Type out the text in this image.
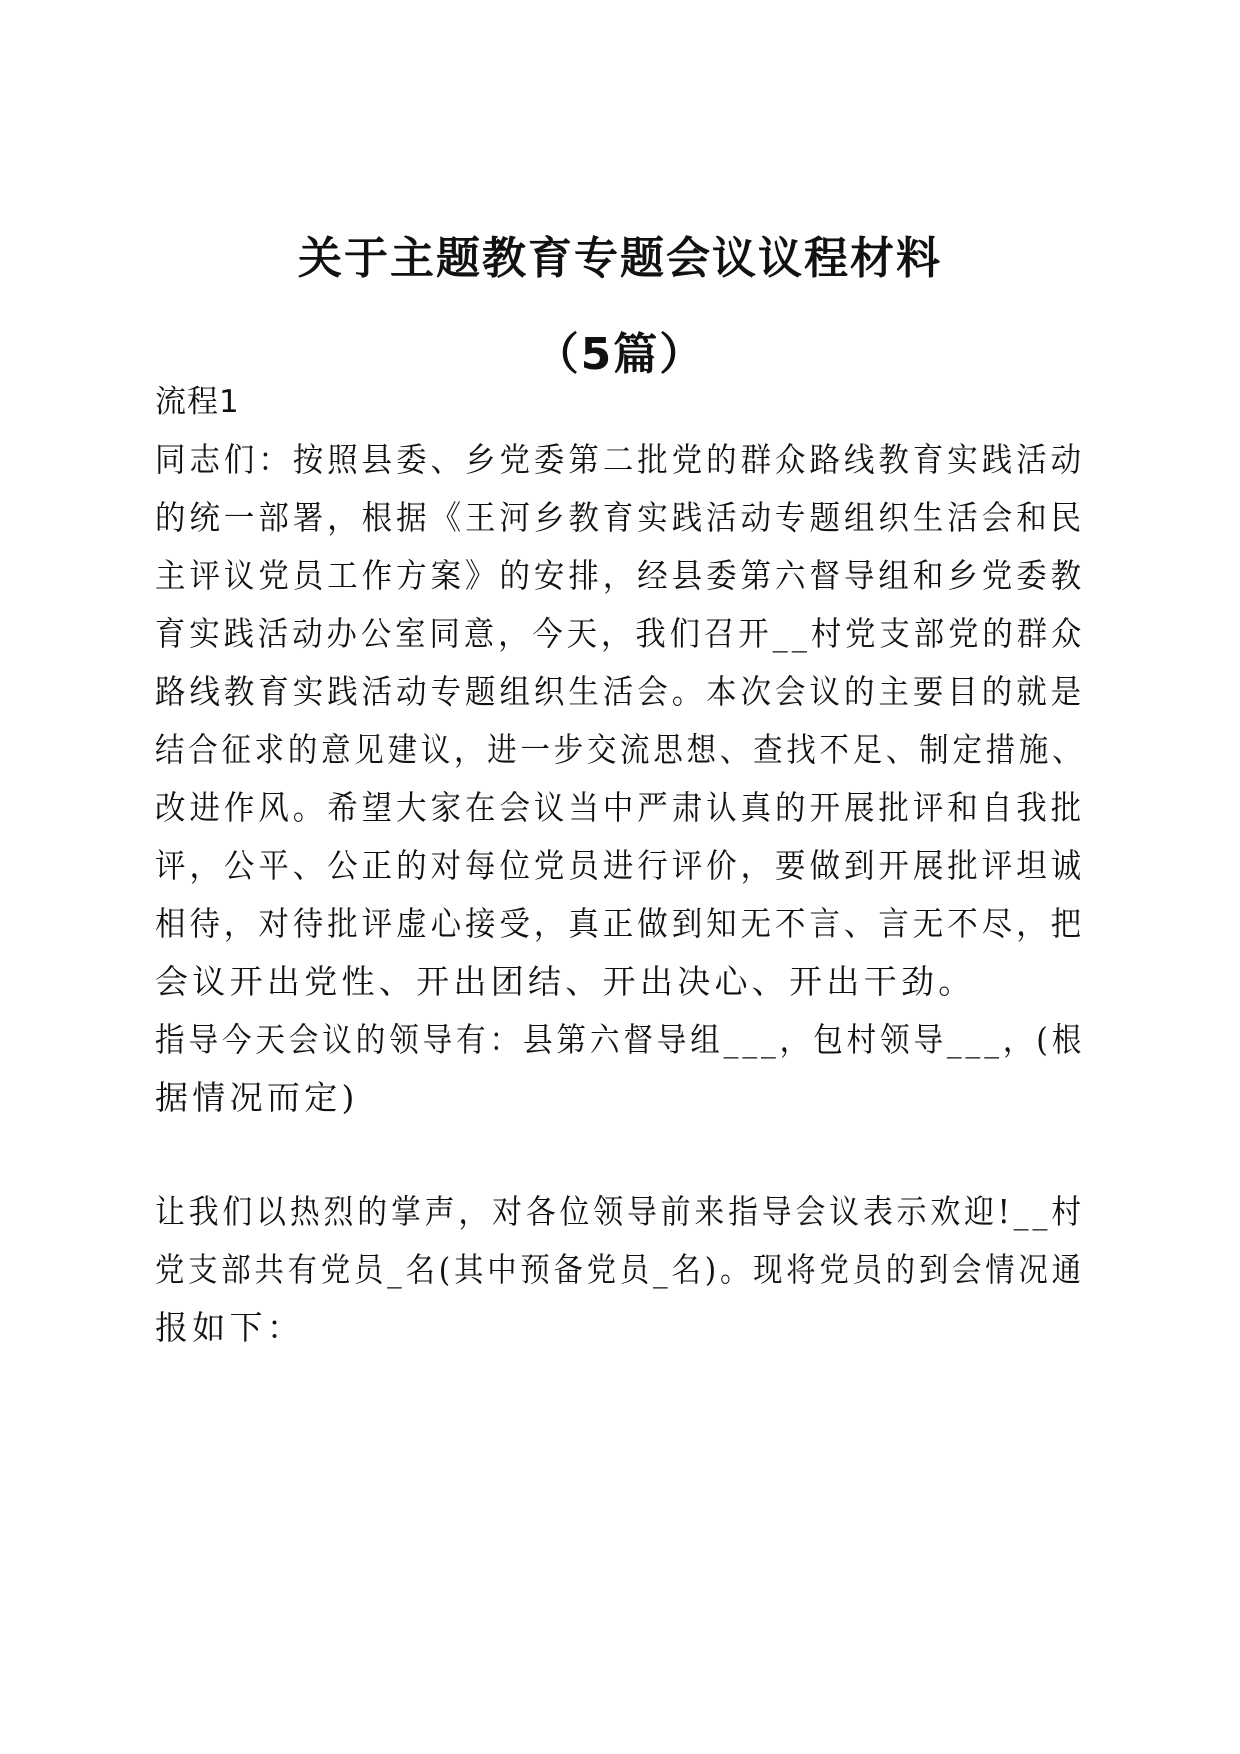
关于主题教育专题会议议程材料
（5篇）
流程1
同志们：按照县委、乡党委第二批党的群众路线教育实践活动
的统一部署，根据《王河乡教育实践活动专题组织生活会和民
主评议党员工作方案》的安排，经县委第六督导组和乡党委教
育实践活动办公室同意，今天，我们召开__村党支部党的群众
路线教育实践活动专题组织生活会。本次会议的主要目的就是
结合征求的意见建议，进一步交流思想、查找不足、制定措施、
改进作风。希望大家在会议当中严肃认真的开展批评和自我批
评，公平、公正的对每位党员进行评价，要做到开展批评坦诚
相待，对待批评虚心接受，真正做到知无不言、言无不尽，把
会议开出党性、开出团结、开出决心、开出干劲。
指导今天会议的领导有：县第六督导组___，包村领导___，(根
据情况而定)
让我们以热烈的掌声，对各位领导前来指导会议表示欢迎!__村
党支部共有党员_名(其中预备党员_名)。现将党员的到会情况通
报如下：
